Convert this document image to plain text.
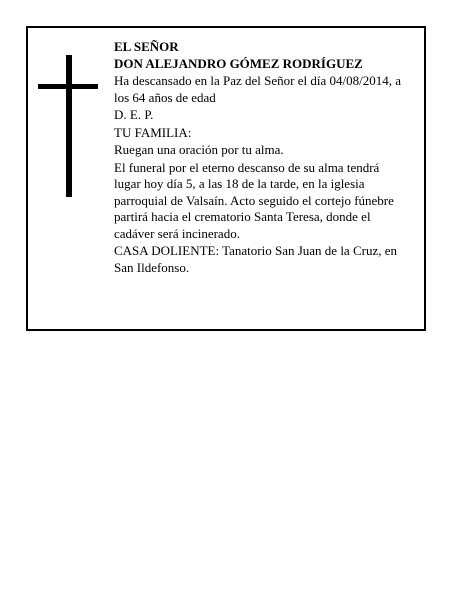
EL SEÑOR
DON ALEJANDRO GÓMEZ RODRÍGUEZ
Ha descansado en la Paz del Señor el día 04/08/2014, a
los 64 años de edad
D. E. P.
TU FAMILIA:
Ruegan una oración por tu alma.
El funeral por el eterno descanso de su alma tendrá
lugar hoy día 5, a las 18 de la tarde, en la iglesia
parroquial de Valsaín. Acto seguido el cortejo fúnebre
partirá hacia el crematorio Santa Teresa, donde el
cadáver será incinerado.
CASA DOLIENTE: Tanatorio San Juan de la Cruz, en
San Ildefonso.
